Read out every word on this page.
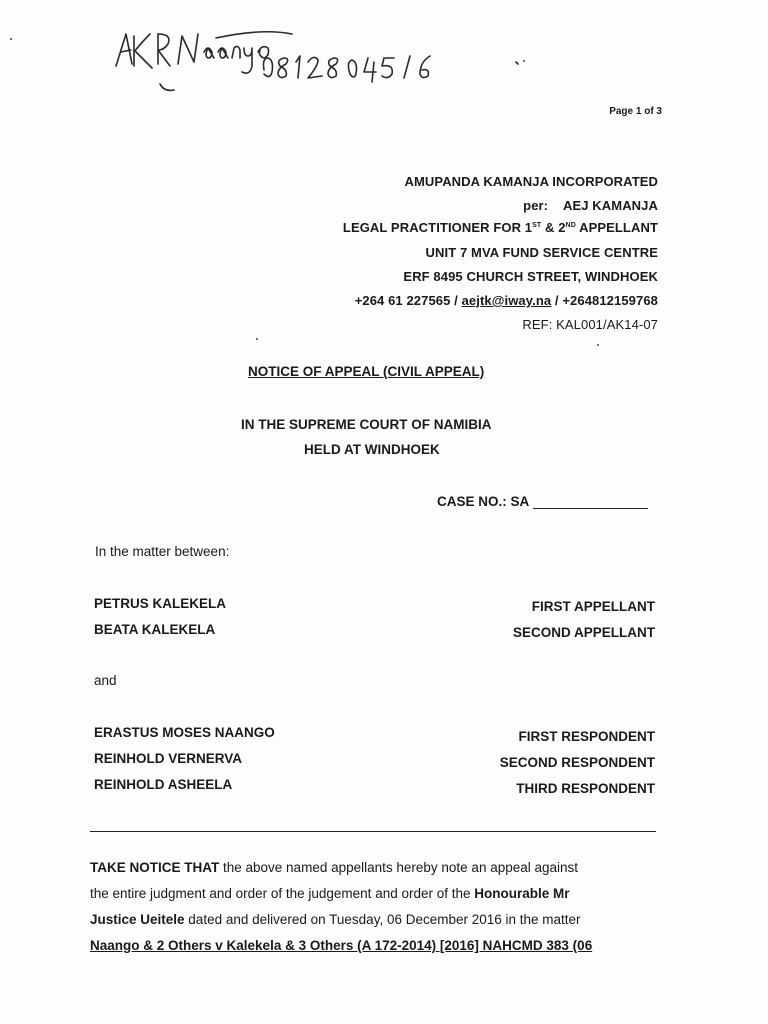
Page 1 of 3
AMUPANDA KAMANJA INCORPORATED
per: AEJ KAMANJA
LEGAL PRACTITIONER FOR 1ST & 2ND APPELLANT
UNIT 7 MVA FUND SERVICE CENTRE
ERF 8495 CHURCH STREET, WINDHOEK
+264 61 227565 / aejtk@iway.na / +264812159768
REF: KAL001/AK14-07
NOTICE OF APPEAL (CIVIL APPEAL)
IN THE SUPREME COURT OF NAMIBIA
HELD AT WINDHOEK
CASE NO.: SA
In the matter between:
PETRUS KALEKELA	FIRST APPELLANT
BEATA KALEKELA	SECOND APPELLANT
and
ERASTUS MOSES NAANGO	FIRST RESPONDENT
REINHOLD VERNERVA	SECOND RESPONDENT
REINHOLD ASHEELA	THIRD RESPONDENT
TAKE NOTICE THAT the above named appellants hereby note an appeal against
the entire judgment and order of the judgement and order of the Honourable Mr
Justice Ueitele dated and delivered on Tuesday, 06 December 2016 in the matter
Naango & 2 Others v Kalekela & 3 Others (A 172-2014) [2016] NAHCMD 383 (06
